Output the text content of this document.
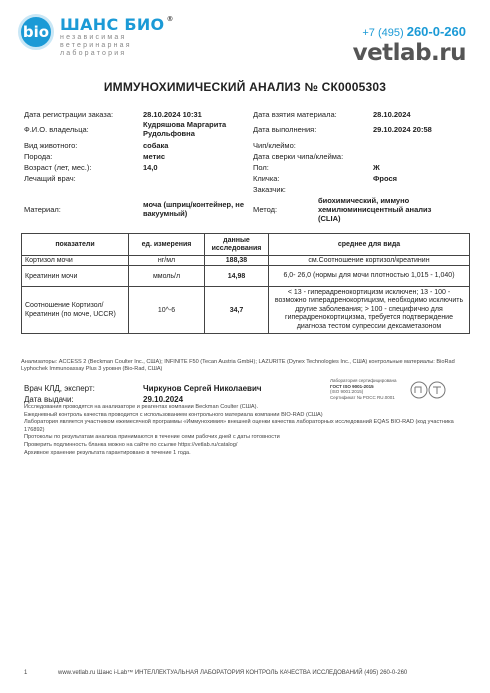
bio ШАНС БИО ®
независимая
ветеринарная
лаборатория
+7 (495) 260-0-260
vetlab.ru
ИММУНОХИМИЧЕСКИЙ АНАЛИЗ № СК0005303
Дата регистрации заказа:	28.10.2024 10:31
Ф.И.О. владельца:
Кудряшова Маргарита Рудольфовна
Вид животного:	собака
Порода:	метис
Возраст (лет, мес.):	14,0
Лечащий врач:
Материал:
моча (шприц/контейнер, не вакуумный)
Дата взятия материала:	28.10.2024
Дата выполнения:	29.10.2024 20:58
Чип/клеймо:
Дата сверки чипа/клейма:
Пол:	Ж
Кличка:	Фрося
Заказчик:
Метод:
биохимический, иммуно хемилюминисцентный анализ (CLIA)
показатели	ед. измерения	данные исследования	среднее для вида
Кортизол мочи	нг/мл	188,38	см.Соотношение кортизол/креатинин
Креатинин мочи	ммоль/л	14,98	6,0- 26,0 (нормы для мочи плотностью 1,015 - 1,040)
Соотношение Кортизол/Креатинин (по моче, UCCR)	10^-6	34,7	< 13 - гиперадренокортицизм исключен; 13 - 100 - возможно гиперадренокортицизм, необходимо исключить другие заболевания; > 100 - специфично для гиперадренокортицизма, требуется подтверждение диагноза тестом супрессии дексаметазоном
Анализаторы: ACCESS 2 (Beckman Coulter Inc., США); INFINITE F50 (Tecan Austria GmbH); LAZURITE (Dynex Technologies Inc., США) контрольные материалы: BioRad Lyphochek Immunoassay Plus 3 уровня (Bio-Rad, США)
Врач КЛД, эксперт:	Чиркунов Сергей Николаевич
Дата выдачи:	29.10.2024
Лаборатория сертифицирована
ГОСТ ISO 9001-2015
(ISO 9001:2015)
Сертификат № РОСС RU.0001
Исследования проводятся на анализаторе и реагентах компании Beckman Coulter (США).
Ежедневный контроль качества проводится с использованием контрольного материала компании BIO-RAD (США)
Лаборатория является участником ежемесячной программы «Иммунохимия» внешней оценки качества лабораторных исследований EQAS BIO-RAD (код участника 176892)
Протоколы по результатам анализа принимаются в течение семи рабочих дней с даты готовности
Проверить подлинность бланка можно на сайте по ссылке https://vetlab.ru/catalog/
Архивное хранение результата гарантировано в течение 1 года.
1	www.vetlab.ru Шанс i-Lab™ ИНТЕЛЛЕКТУАЛЬНАЯ ЛАБОРАТОРИЯ КОНТРОЛЬ КАЧЕСТВА ИССЛЕДОВАНИЙ (495) 260-0-260
